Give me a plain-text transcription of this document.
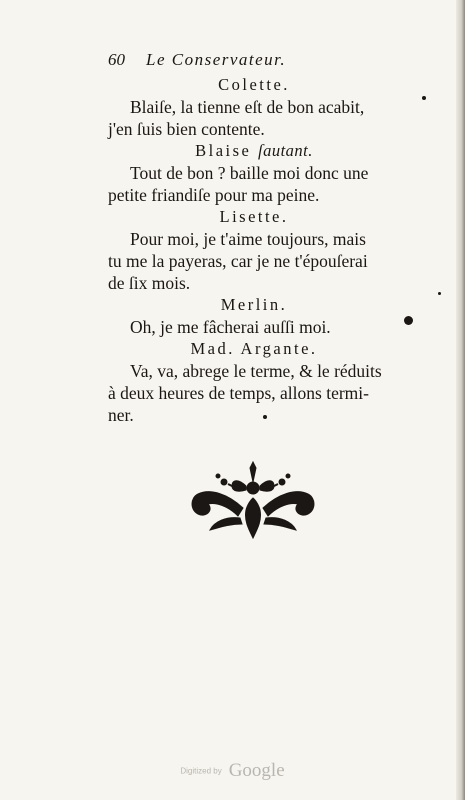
60 Le Conservateur.
Colette.
Blaiſe, la tienne eſt de bon acabit,
j'en ſuis bien contente.
Blaise ſautant.
Tout de bon ? baille moi donc une
petite friandiſe pour ma peine.
Lisette.
Pour moi, je t'aime toujours, mais
tu me la payeras, car je ne t'épouſerai
de ſix mois.
Merlin.
Oh, je me fâcherai auſſi moi.
Mad. Argante.
Va, va, abrege le terme, & le réduits
à deux heures de temps, allons termi-
ner.
Digitized by Google
